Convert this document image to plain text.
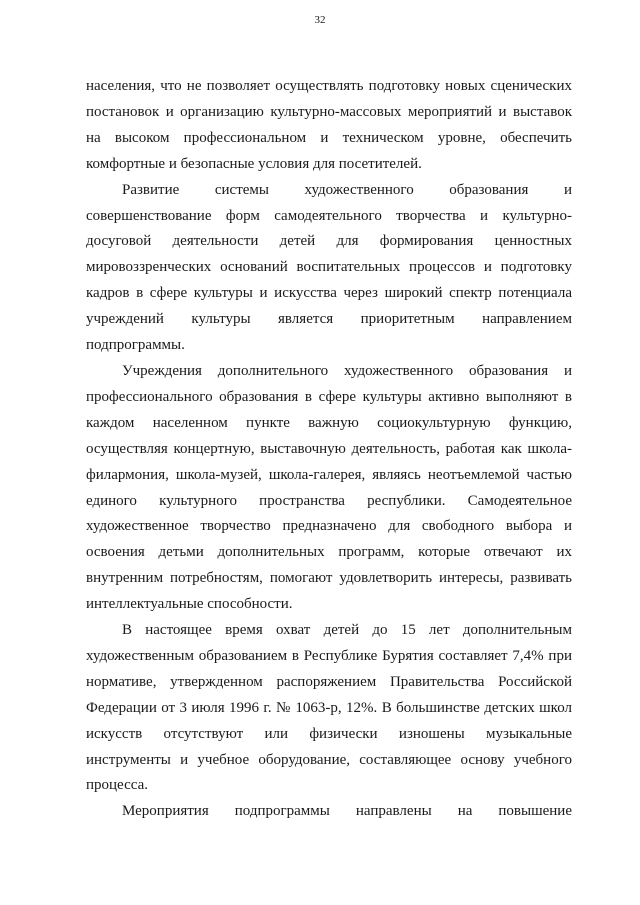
32

населения, что не позволяет осуществлять подготовку новых сценических постановок и организацию культурно-массовых мероприятий и выставок на высоком профессиональном и техническом уровне, обеспечить комфортные и безопасные условия для посетителей.

Развитие системы художественного образования и совершенствование форм самодеятельного творчества и культурно-досуговой деятельности детей для формирования ценностных мировоззренческих оснований воспитательных процессов и подготовку кадров в сфере культуры и искусства через широкий спектр потенциала учреждений культуры является приоритетным направлением подпрограммы.

Учреждения дополнительного художественного образования и профессионального образования в сфере культуры активно выполняют в каждом населенном пункте важную социокультурную функцию, осуществляя концертную, выставочную деятельность, работая как школа-филармония, школа-музей, школа-галерея, являясь неотъемлемой частью единого культурного пространства республики. Самодеятельное художественное творчество предназначено для свободного выбора и освоения детьми дополнительных программ, которые отвечают их внутренним потребностям, помогают удовлетворить интересы, развивать интеллектуальные способности.

В настоящее время охват детей до 15 лет дополнительным художественным образованием в Республике Бурятия составляет 7,4% при нормативе, утвержденном распоряжением Правительства Российской Федерации от 3 июля 1996 г. № 1063-р, 12%. В большинстве детских школ искусств отсутствуют или физически изношены музыкальные инструменты и учебное оборудование, составляющее основу учебного процесса.

Мероприятия подпрограммы направлены на повышение
